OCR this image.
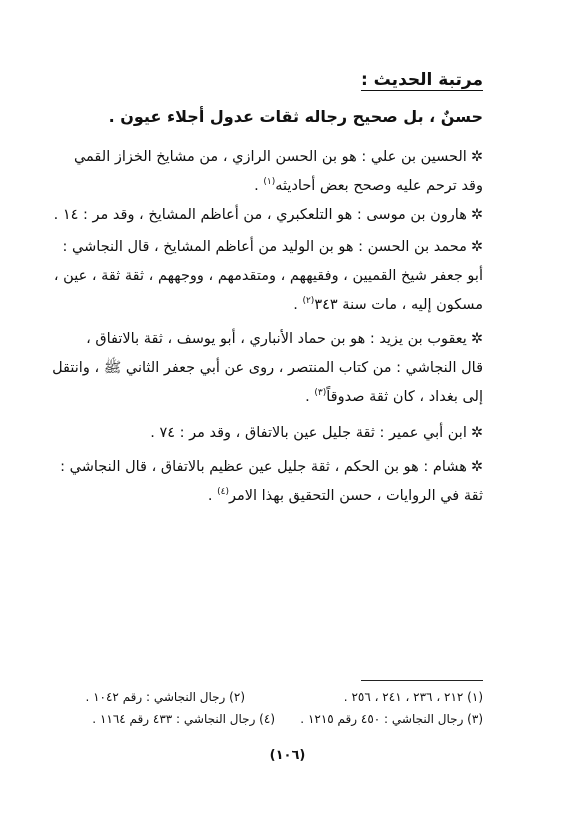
مرتبة الحديث :
حسنٌ ، بل صحيح رجاله ثقات عدول أجلاء عيون .
✲الحسين بن علي : هو بن الحسن الرازي ، من مشايخ الخزاز القمي
وقد ترحم عليه وصحح بعض أحاديثه$^{(١)}$ .
✲هارون بن موسى : هو التلعكبري ، من أعاظم المشايخ ، وقد مر : ١٤ .
✲محمد بن الحسن : هو بن الوليد من أعاظم المشايخ ، قال النجاشي :
أبو جعفر شيخ القميين ، وفقيههم ، ومتقدمهم ، ووجههم ، ثقة ثقة ، عين ،
مسكون إليه ، مات سنة ٣٤٣$^{(٢)}$ .
✲يعقوب بن يزيد : هو بن حماد الأنباري ، أبو يوسف ، ثقة بالاتفاق ،
قال النجاشي : من كتاب المنتصر ، روى عن أبي جعفر الثاني ﷺ ، وانتقل
إلى بغداد ، كان ثقة صدوقاً$^{(٣)}$ .
✲ابن أبي عمير : ثقة جليل عين بالاتفاق ، وقد مر : ٧٤ .
✲هشام : هو بن الحكم ، ثقة جليل عين عظيم بالاتفاق ، قال النجاشي :
ثقة في الروايات ، حسن التحقيق بهذا الامر$^{(٤)}$ .
(١) ٢١٢ ، ٢٣٦ ، ٢٤١ ، ٢٥٦ .
(٢) رجال النجاشي : رقم ١٠٤٢ .
(٣) رجال النجاشي : ٤٥٠ رقم ١٢١٥ .
(٤) رجال النجاشي : ٤٣٣ رقم ١١٦٤ .
(١٠٦)
